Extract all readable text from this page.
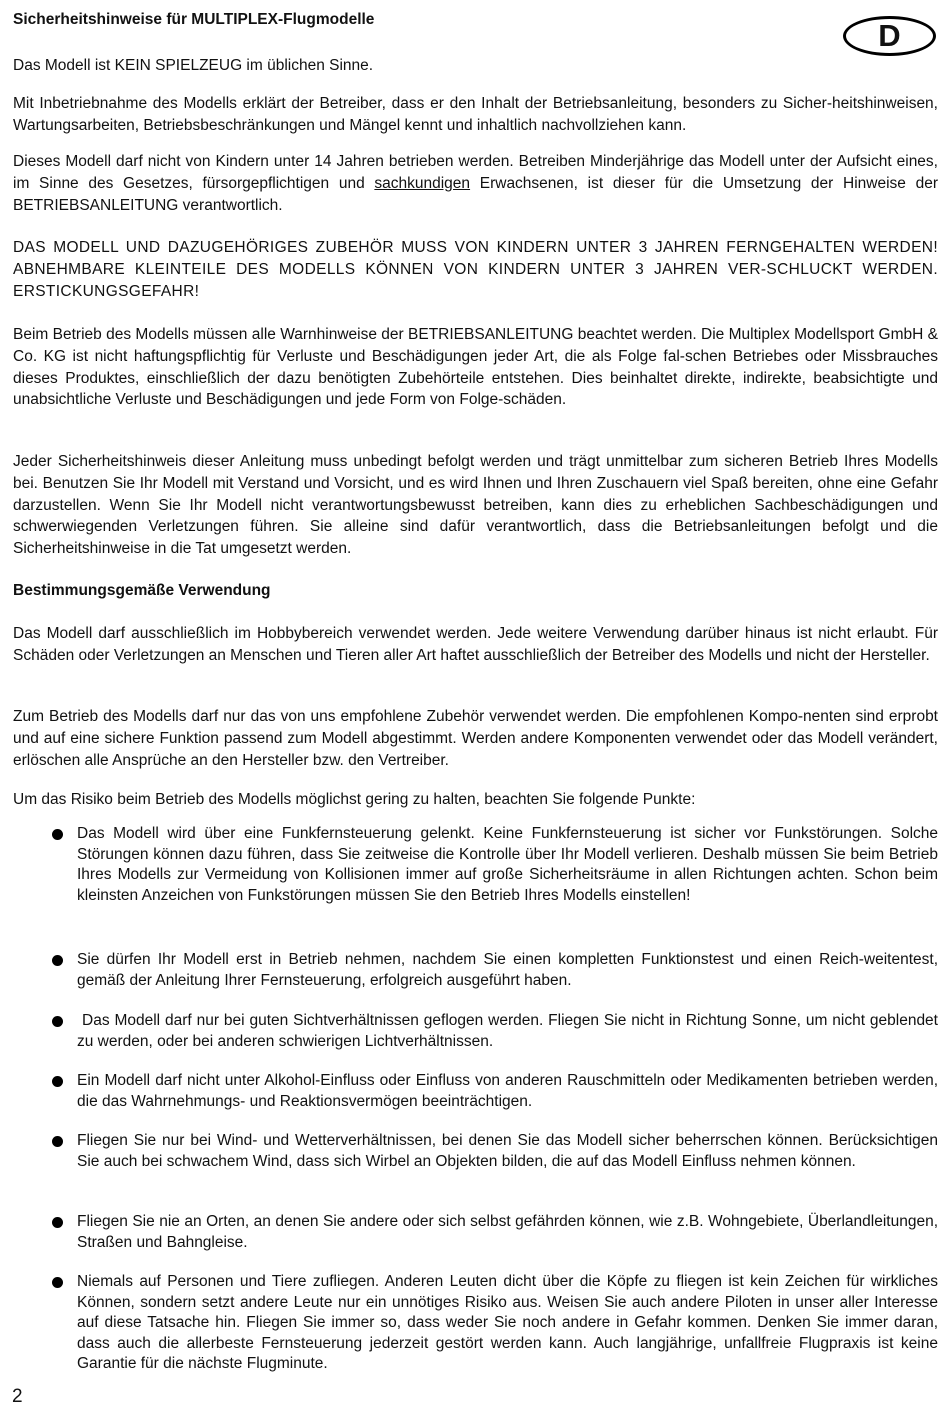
Sicherheitshinweise für MULTIPLEX-Flugmodelle	D

Das Modell ist KEIN SPIELZEUG im üblichen Sinne.

Mit Inbetriebnahme des Modells erklärt der Betreiber, dass er den Inhalt der Betriebsanleitung, besonders zu Sicher-heitshinweisen, Wartungsarbeiten, Betriebsbeschränkungen und Mängel kennt und inhaltlich nachvollziehen kann.

Dieses Modell darf nicht von Kindern unter 14 Jahren betrieben werden. Betreiben Minderjährige das Modell unter der Aufsicht eines, im Sinne des Gesetzes, fürsorgepflichtigen und sachkundigen Erwachsenen, ist dieser für die Umsetzung der Hinweise der BETRIEBSANLEITUNG verantwortlich.

DAS MODELL UND DAZUGEHÖRIGES ZUBEHÖR MUSS VON KINDERN UNTER 3 JAHREN FERNGEHALTEN WERDEN! ABNEHMBARE KLEINTEILE DES MODELLS KÖNNEN VON KINDERN UNTER 3 JAHREN VER-SCHLUCKT WERDEN. ERSTICKUNGSGEFAHR!

Beim Betrieb des Modells müssen alle Warnhinweise der BETRIEBSANLEITUNG beachtet werden. Die Multiplex Modellsport GmbH & Co. KG ist nicht haftungspflichtig für Verluste und Beschädigungen jeder Art, die als Folge fal-schen Betriebes oder Missbrauches dieses Produktes, einschließlich der dazu benötigten Zubehörteile entstehen. Dies beinhaltet direkte, indirekte, beabsichtigte und unabsichtliche Verluste und Beschädigungen und jede Form von Folge-schäden.

Jeder Sicherheitshinweis dieser Anleitung muss unbedingt befolgt werden und trägt unmittelbar zum sicheren Betrieb Ihres Modells bei. Benutzen Sie Ihr Modell mit Verstand und Vorsicht, und es wird Ihnen und Ihren Zuschauern viel Spaß bereiten, ohne eine Gefahr darzustellen. Wenn Sie Ihr Modell nicht verantwortungsbewusst betreiben, kann dies zu erheblichen Sachbeschädigungen und schwerwiegenden Verletzungen führen. Sie alleine sind dafür verantwortlich, dass die Betriebsanleitungen befolgt und die Sicherheitshinweise in die Tat umgesetzt werden.

Bestimmungsgemäße Verwendung

Das Modell darf ausschließlich im Hobbybereich verwendet werden. Jede weitere Verwendung darüber hinaus ist nicht erlaubt. Für Schäden oder Verletzungen an Menschen und Tieren aller Art haftet ausschließlich der Betreiber des Modells und nicht der Hersteller.

Zum Betrieb des Modells darf nur das von uns empfohlene Zubehör verwendet werden. Die empfohlenen Kompo-nenten sind erprobt und auf eine sichere Funktion passend zum Modell abgestimmt. Werden andere Komponenten verwendet oder das Modell verändert, erlöschen alle Ansprüche an den Hersteller bzw. den Vertreiber.

Um das Risiko beim Betrieb des Modells möglichst gering zu halten, beachten Sie folgende Punkte:

Das Modell wird über eine Funkfernsteuerung gelenkt. Keine Funkfernsteuerung ist sicher vor Funkstörungen. Solche Störungen können dazu führen, dass Sie zeitweise die Kontrolle über Ihr Modell verlieren. Deshalb müssen Sie beim Betrieb Ihres Modells zur Vermeidung von Kollisionen immer auf große Sicherheitsräume in allen Richtungen achten. Schon beim kleinsten Anzeichen von Funkstörungen müssen Sie den Betrieb Ihres Modells einstellen!
Sie dürfen Ihr Modell erst in Betrieb nehmen, nachdem Sie einen kompletten Funktionstest und einen Reich-weitentest, gemäß der Anleitung Ihrer Fernsteuerung, erfolgreich ausgeführt haben.
Das Modell darf nur bei guten Sichtverhältnissen geflogen werden. Fliegen Sie nicht in Richtung Sonne, um nicht geblendet zu werden, oder bei anderen schwierigen Lichtverhältnissen.
Ein Modell darf nicht unter Alkohol-Einfluss oder Einfluss von anderen Rauschmitteln oder Medikamenten betrieben werden, die das Wahrnehmungs- und Reaktionsvermögen beeinträchtigen.
Fliegen Sie nur bei Wind- und Wetterverhältnissen, bei denen Sie das Modell sicher beherrschen können. Berücksichtigen Sie auch bei schwachem Wind, dass sich Wirbel an Objekten bilden, die auf das Modell Einfluss nehmen können.
Fliegen Sie nie an Orten, an denen Sie andere oder sich selbst gefährden können, wie z.B. Wohngebiete, Überlandleitungen, Straßen und Bahngleise.
Niemals auf Personen und Tiere zufliegen. Anderen Leuten dicht über die Köpfe zu fliegen ist kein Zeichen für wirkliches Können, sondern setzt andere Leute nur ein unnötiges Risiko aus. Weisen Sie auch andere Piloten in unser aller Interesse auf diese Tatsache hin. Fliegen Sie immer so, dass weder Sie noch andere in Gefahr kommen. Denken Sie immer daran, dass auch die allerbeste Fernsteuerung jederzeit gestört werden kann. Auch langjährige, unfallfreie Flugpraxis ist keine Garantie für die nächste Flugminute.
2
